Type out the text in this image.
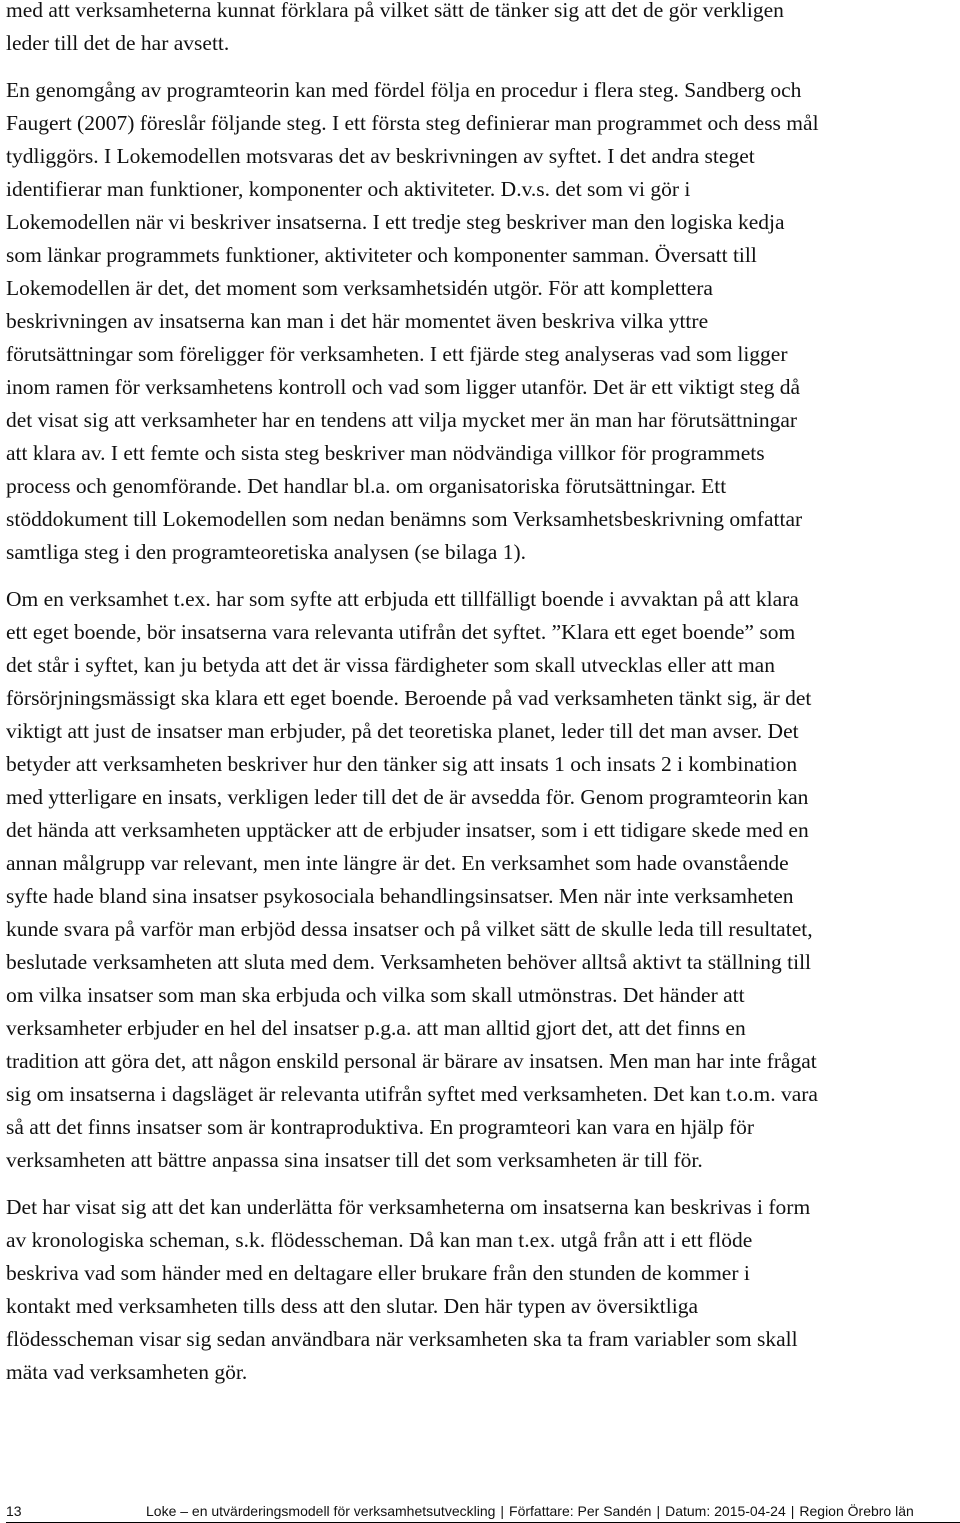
med att verksamheterna kunnat förklara på vilket sätt de tänker sig att det de gör verkligen
leder till det de har avsett.

En genomgång av programteorin kan med fördel följa en procedur i flera steg. Sandberg och
Faugert (2007) föreslår följande steg. I ett första steg definierar man programmet och dess mål
tydliggörs. I Lokemodellen motsvaras det av beskrivningen av syftet. I det andra steget
identifierar man funktioner, komponenter och aktiviteter. D.v.s. det som vi gör i
Lokemodellen när vi beskriver insatserna. I ett tredje steg beskriver man den logiska kedja
som länkar programmets funktioner, aktiviteter och komponenter samman. Översatt till
Lokemodellen är det, det moment som verksamhetsidén utgör. För att komplettera
beskrivningen av insatserna kan man i det här momentet även beskriva vilka yttre
förutsättningar som föreligger för verksamheten. I ett fjärde steg analyseras vad som ligger
inom ramen för verksamhetens kontroll och vad som ligger utanför. Det är ett viktigt steg då
det visat sig att verksamheter har en tendens att vilja mycket mer än man har förutsättningar
att klara av. I ett femte och sista steg beskriver man nödvändiga villkor för programmets
process och genomförande. Det handlar bl.a. om organisatoriska förutsättningar. Ett
stöddokument till Lokemodellen som nedan benämns som Verksamhetsbeskrivning omfattar
samtliga steg i den programteoretiska analysen (se bilaga 1).

Om en verksamhet t.ex. har som syfte att erbjuda ett tillfälligt boende i avvaktan på att klara
ett eget boende, bör insatserna vara relevanta utifrån det syftet. ”Klara ett eget boende” som
det står i syftet, kan ju betyda att det är vissa färdigheter som skall utvecklas eller att man
försörjningsmässigt ska klara ett eget boende. Beroende på vad verksamheten tänkt sig, är det
viktigt att just de insatser man erbjuder, på det teoretiska planet, leder till det man avser. Det
betyder att verksamheten beskriver hur den tänker sig att insats 1 och insats 2 i kombination
med ytterligare en insats, verkligen leder till det de är avsedda för. Genom programteorin kan
det hända att verksamheten upptäcker att de erbjuder insatser, som i ett tidigare skede med en
annan målgrupp var relevant, men inte längre är det. En verksamhet som hade ovanstående
syfte hade bland sina insatser psykosociala behandlingsinsatser. Men när inte verksamheten
kunde svara på varför man erbjöd dessa insatser och på vilket sätt de skulle leda till resultatet,
beslutade verksamheten att sluta med dem. Verksamheten behöver alltså aktivt ta ställning till
om vilka insatser som man ska erbjuda och vilka som skall utmönstras. Det händer att
verksamheter erbjuder en hel del insatser p.g.a. att man alltid gjort det, att det finns en
tradition att göra det, att någon enskild personal är bärare av insatsen. Men man har inte frågat
sig om insatserna i dagsläget är relevanta utifrån syftet med verksamheten. Det kan t.o.m. vara
så att det finns insatser som är kontraproduktiva. En programteori kan vara en hjälp för
verksamheten att bättre anpassa sina insatser till det som verksamheten är till för.

Det har visat sig att det kan underlätta för verksamheterna om insatserna kan beskrivas i form
av kronologiska scheman, s.k. flödesscheman. Då kan man t.ex. utgå från att i ett flöde
beskriva vad som händer med en deltagare eller brukare från den stunden de kommer i
kontakt med verksamheten tills dess att den slutar. Den här typen av översiktliga
flödesscheman visar sig sedan användbara när verksamheten ska ta fram variabler som skall
mäta vad verksamheten gör.

13	Loke – en utvärderingsmodell för verksamhetsutveckling | Författare: Per Sandén | Datum: 2015-04-24 | Region Örebro län
